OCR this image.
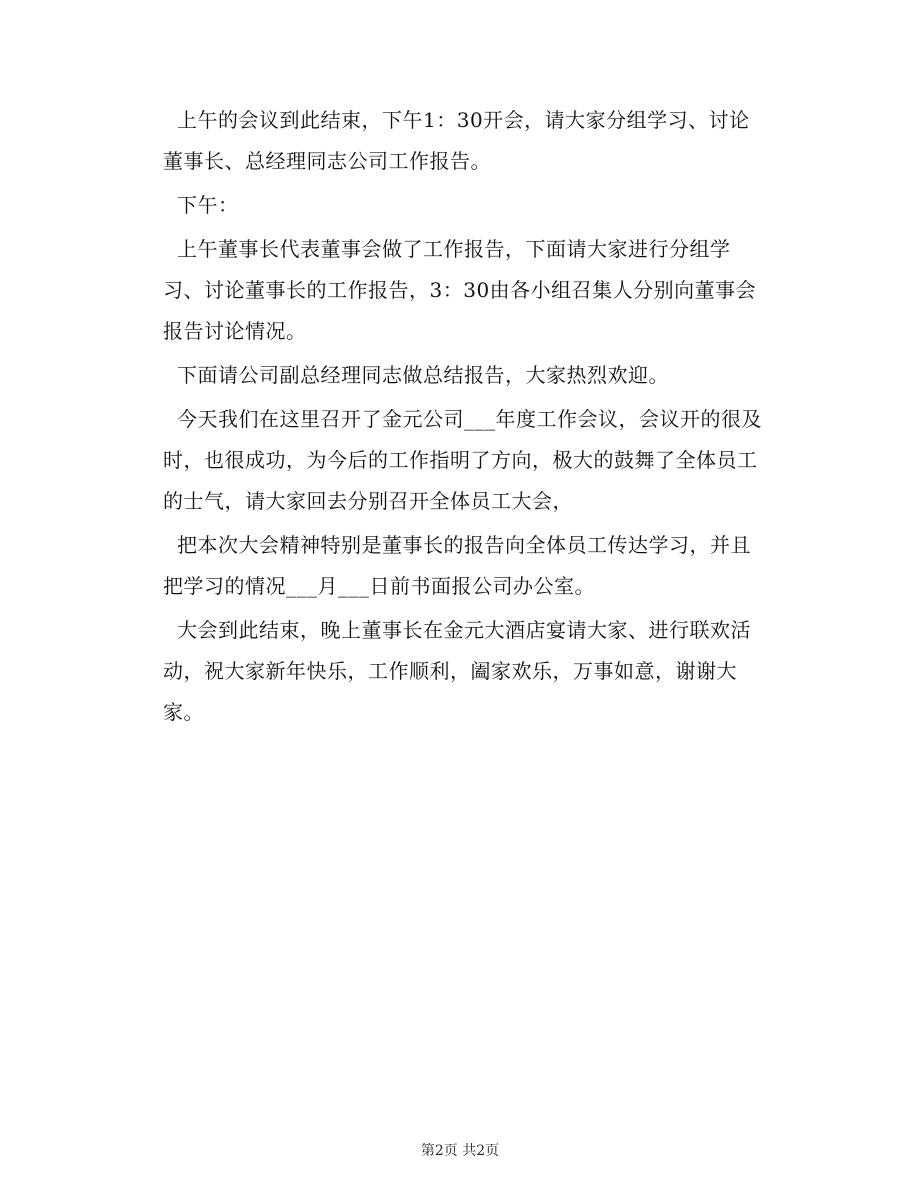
上午的会议到此结束，下午1：30开会，请大家分组学习、讨论董事长、总经理同志公司工作报告。

下午：

上午董事长代表董事会做了工作报告，下面请大家进行分组学习、讨论董事长的工作报告，3：30由各小组召集人分别向董事会报告讨论情况。

下面请公司副总经理同志做总结报告，大家热烈欢迎。

今天我们在这里召开了金元公司___年度工作会议，会议开的很及时，也很成功，为今后的工作指明了方向，极大的鼓舞了全体员工的士气，请大家回去分别召开全体员工大会，

把本次大会精神特别是董事长的报告向全体员工传达学习，并且把学习的情况___月___日前书面报公司办公室。

大会到此结束，晚上董事长在金元大酒店宴请大家、进行联欢活动，祝大家新年快乐，工作顺利，阖家欢乐，万事如意，谢谢大家。

第2页 共2页
